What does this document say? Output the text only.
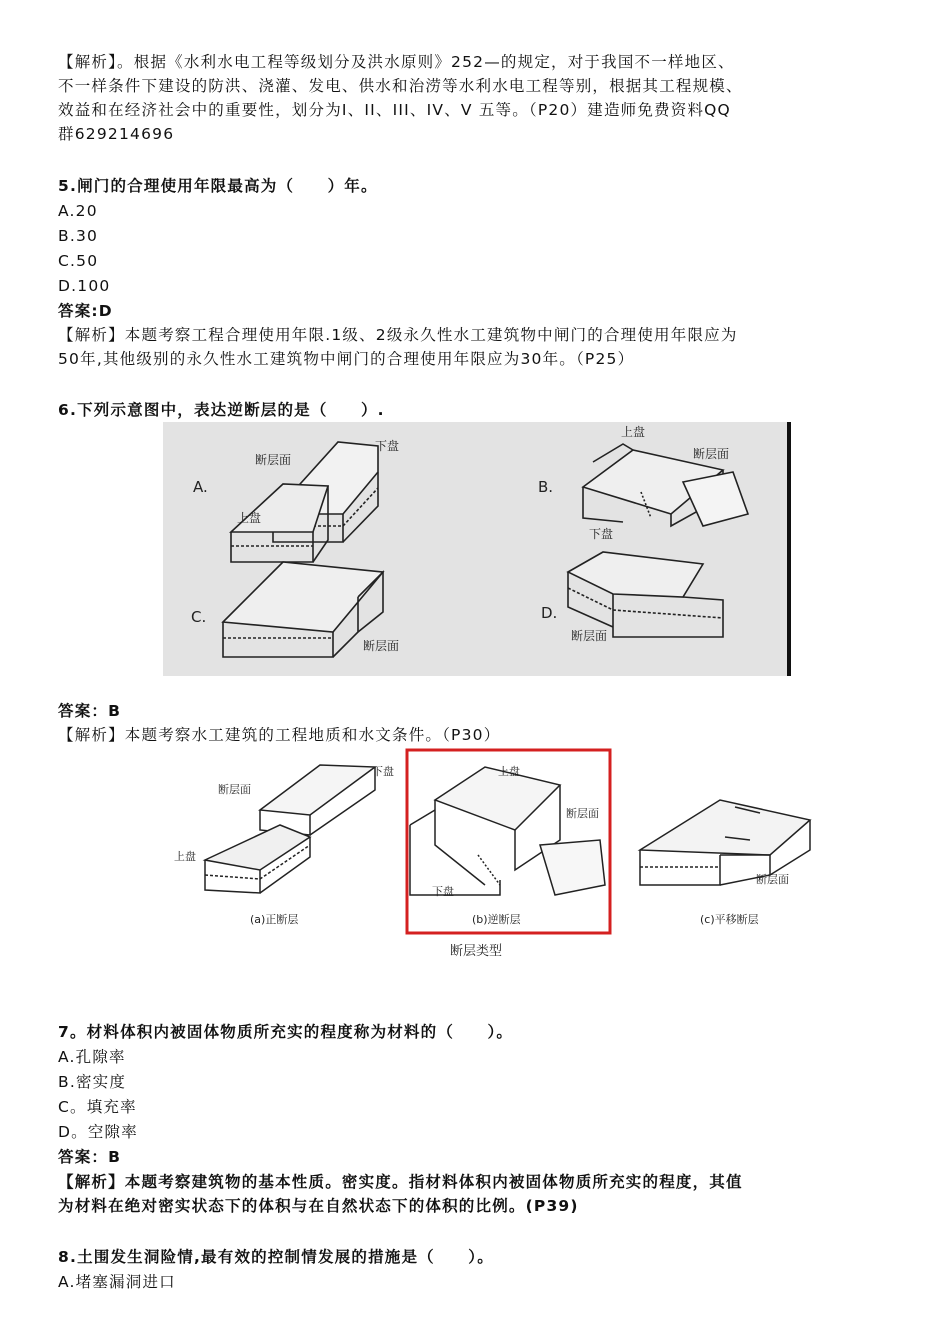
【解析】。根据《水利水电工程等级划分及洪水原则》252—的规定，对于我国不一样地区、
不一样条件下建设的防洪、浇灌、发电、供水和治涝等水利水电工程等别，根据其工程规模、
效益和在经济社会中的重要性，划分为Ⅰ、ⅠⅠ、III、IV、V 五等。（P20）建造师免费资料QQ
群629214696
5.闸门的合理使用年限最高为（　　）年。
A.20
B.30
C.50
D.100
答案:D
【解析】本题考察工程合理使用年限.1级、2级永久性水工建筑物中闸门的合理使用年限应为
50年,其他级别的永久性水工建筑物中闸门的合理使用年限应为30年。（P25）
6.下列示意图中，表达逆断层的是（　　）.
A.	B.
C.	D.
下盘
断层面
上盘
上盘
断层面
下盘
断层面
断层面
答案：B
【解析】本题考察水工建筑的工程地质和水文条件。（P30）
断层面
下盘
上盘
上盘
断层面
下盘
断层面
(a)正断层	(b)逆断层	(c)平移断层
断层类型
7。材料体积内被固体物质所充实的程度称为材料的（　　）。
A.孔隙率
B.密实度
C。填充率
D。空隙率
答案：B
【解析】本题考察建筑物的基本性质。密实度。指材料体积内被固体物质所充实的程度，其值
为材料在绝对密实状态下的体积与在自然状态下的体积的比例。(P39)
8.土围发生洞险情,最有效的控制情发展的措施是（　　）。
A.堵塞漏洞进口
